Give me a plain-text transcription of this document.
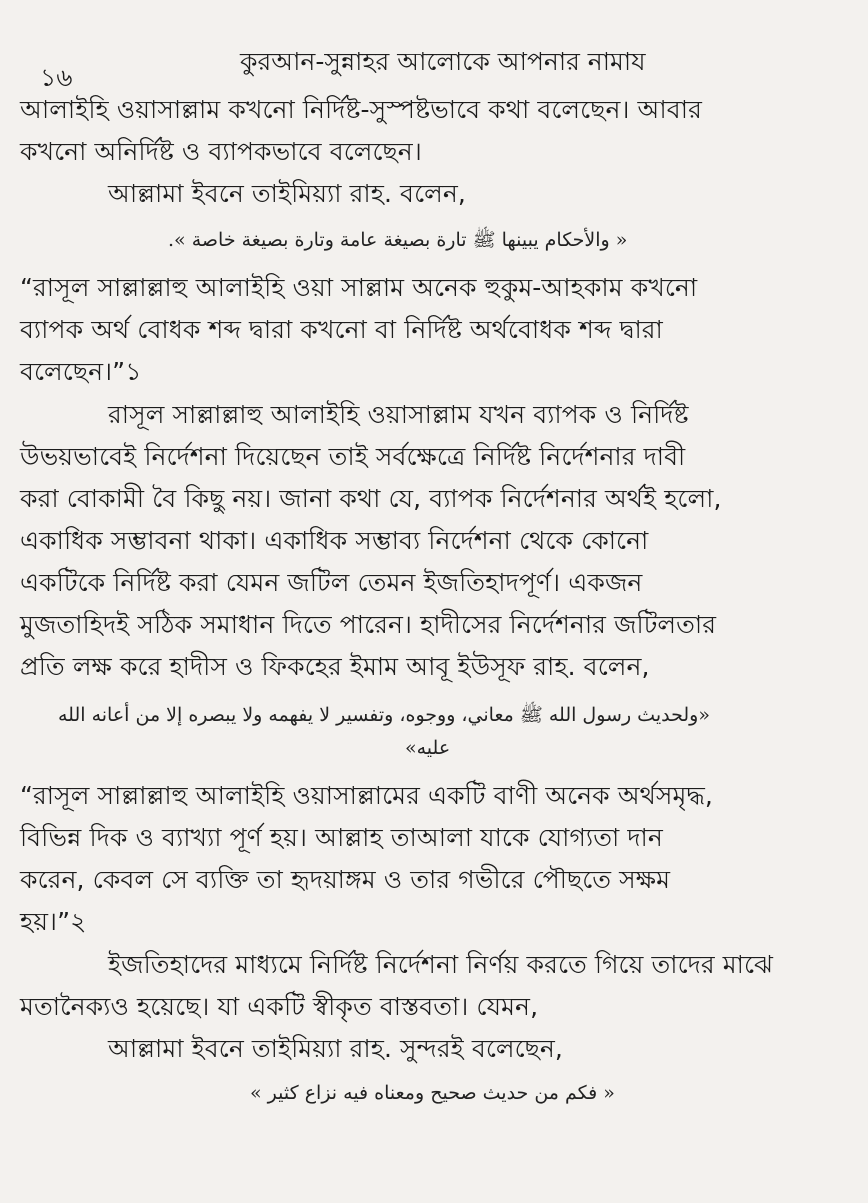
১৬
কুরআন-সুন্নাহর আলোকে আপনার নামায
আলাইহি ওয়াসাল্লাম কখনো নির্দিষ্ট-সুস্পষ্টভাবে কথা বলেছেন। আবার
কখনো অনির্দিষ্ট ও ব্যাপকভাবে বলেছেন।
আল্লামা ইবনে তাইমিয়্যা রাহ. বলেন,
« والأحكام يبينها ﷺ تارة بصيغة عامة وتارة بصيغة خاصة ».
“রাসূল সাল্লাল্লাহু আলাইহি ওয়া সাল্লাম অনেক হুকুম-আহকাম কখনো
ব্যাপক অর্থ বোধক শব্দ দ্বারা কখনো বা নির্দিষ্ট অর্থবোধক শব্দ দ্বারা
বলেছেন।”১
রাসূল সাল্লাল্লাহু আলাইহি ওয়াসাল্লাম যখন ব্যাপক ও নির্দিষ্ট
উভয়ভাবেই নির্দেশনা দিয়েছেন তাই সর্বক্ষেত্রে নির্দিষ্ট নির্দেশনার দাবী
করা বোকামী বৈ কিছু নয়। জানা কথা যে, ব্যাপক নির্দেশনার অর্থই হলো,
একাধিক সম্ভাবনা থাকা। একাধিক সম্ভাব্য নির্দেশনা থেকে কোনো
একটিকে নির্দিষ্ট করা যেমন জটিল তেমন ইজতিহাদপূর্ণ। একজন
মুজতাহিদই সঠিক সমাধান দিতে পারেন। হাদীসের নির্দেশনার জটিলতার
প্রতি লক্ষ করে হাদীস ও ফিকহের ইমাম আবূ ইউসূফ রাহ. বলেন,
«ولحديث رسول الله ﷺ معاني، ووجوه، وتفسير لا يفهمه ولا يبصره إلا من أعانه الله
عليه»
“রাসূল সাল্লাল্লাহু আলাইহি ওয়াসাল্লামের একটি বাণী অনেক অর্থসমৃদ্ধ,
বিভিন্ন দিক ও ব্যাখ্যা পূর্ণ হয়। আল্লাহ তাআলা যাকে যোগ্যতা দান
করেন, কেবল সে ব্যক্তি তা হৃদয়াঙ্গম ও তার গভীরে পৌছতে সক্ষম
হয়।”২
ইজতিহাদের মাধ্যমে নির্দিষ্ট নির্দেশনা নির্ণয় করতে গিয়ে তাদের মাঝে
মতানৈক্যও হয়েছে। যা একটি স্বীকৃত বাস্তবতা। যেমন,
আল্লামা ইবনে তাইমিয়্যা রাহ. সুন্দরই বলেছেন,
« فكم من حديث صحيح ومعناه فيه نزاع كثير »
